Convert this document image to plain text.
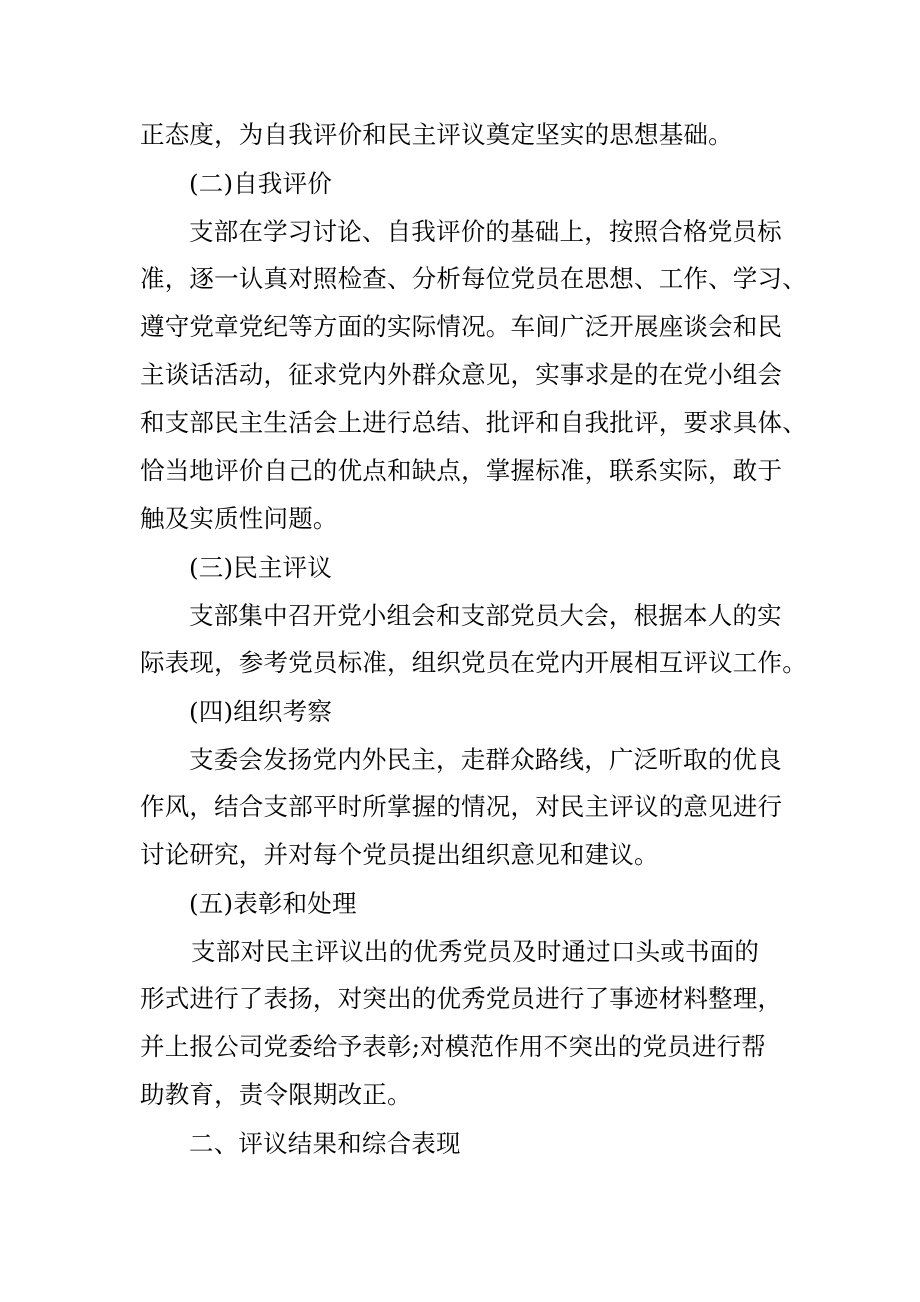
正态度，为自我评价和民主评议奠定坚实的思想基础。
(二)自我评价
支部在学习讨论、自我评价的基础上，按照合格党员标
准，逐一认真对照检查、分析每位党员在思想、工作、学习、
遵守党章党纪等方面的实际情况。车间广泛开展座谈会和民
主谈话活动，征求党内外群众意见，实事求是的在党小组会
和支部民主生活会上进行总结、批评和自我批评，要求具体、
恰当地评价自己的优点和缺点，掌握标准，联系实际，敢于
触及实质性问题。
(三)民主评议
支部集中召开党小组会和支部党员大会，根据本人的实
际表现，参考党员标准，组织党员在党内开展相互评议工作。
(四)组织考察
支委会发扬党内外民主，走群众路线，广泛听取的优良
作风，结合支部平时所掌握的情况，对民主评议的意见进行
讨论研究，并对每个党员提出组织意见和建议。
(五)表彰和处理
支部对民主评议出的优秀党员及时通过口头或书面的
形式进行了表扬，对突出的优秀党员进行了事迹材料整理，
并上报公司党委给予表彰;对模范作用不突出的党员进行帮
助教育，责令限期改正。
二、评议结果和综合表现
